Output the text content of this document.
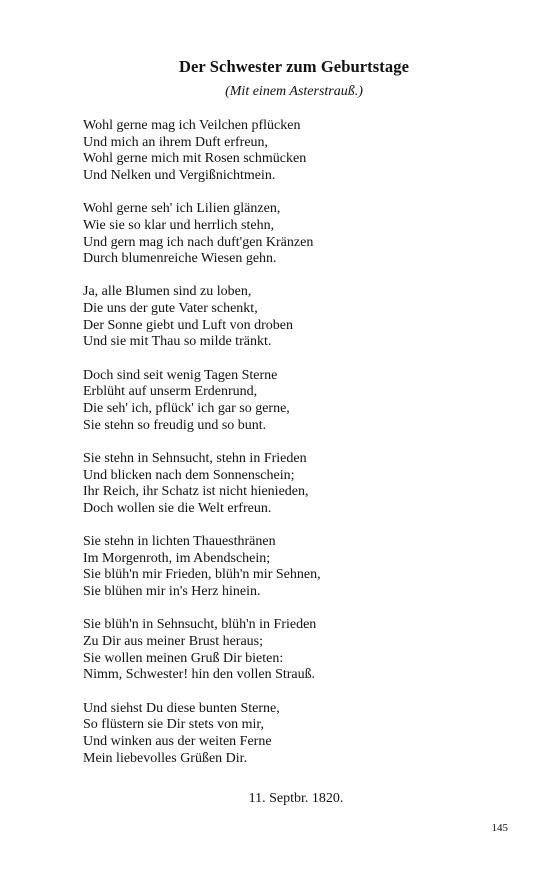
Der Schwester zum Geburtstage
(Mit einem Asterstrauß.)
Wohl gerne mag ich Veilchen pflücken
Und mich an ihrem Duft erfreun,
Wohl gerne mich mit Rosen schmücken
Und Nelken und Vergißnichtmein.
Wohl gerne seh' ich Lilien glänzen,
Wie sie so klar und herrlich stehn,
Und gern mag ich nach duft'gen Kränzen
Durch blumenreiche Wiesen gehn.
Ja, alle Blumen sind zu loben,
Die uns der gute Vater schenkt,
Der Sonne giebt und Luft von droben
Und sie mit Thau so milde tränkt.
Doch sind seit wenig Tagen Sterne
Erblüht auf unserm Erdenrund,
Die seh' ich, pflück' ich gar so gerne,
Sie stehn so freudig und so bunt.
Sie stehn in Sehnsucht, stehn in Frieden
Und blicken nach dem Sonnenschein;
Ihr Reich, ihr Schatz ist nicht hienieden,
Doch wollen sie die Welt erfreun.
Sie stehn in lichten Thauesthränen
Im Morgenroth, im Abendschein;
Sie blüh'n mir Frieden, blüh'n mir Sehnen,
Sie blühen mir in's Herz hinein.
Sie blüh'n in Sehnsucht, blüh'n in Frieden
Zu Dir aus meiner Brust heraus;
Sie wollen meinen Gruß Dir bieten:
Nimm, Schwester! hin den vollen Strauß.
Und siehst Du diese bunten Sterne,
So flüstern sie Dir stets von mir,
Und winken aus der weiten Ferne
Mein liebevolles Grüßen Dir.
11. Septbr. 1820.
145
